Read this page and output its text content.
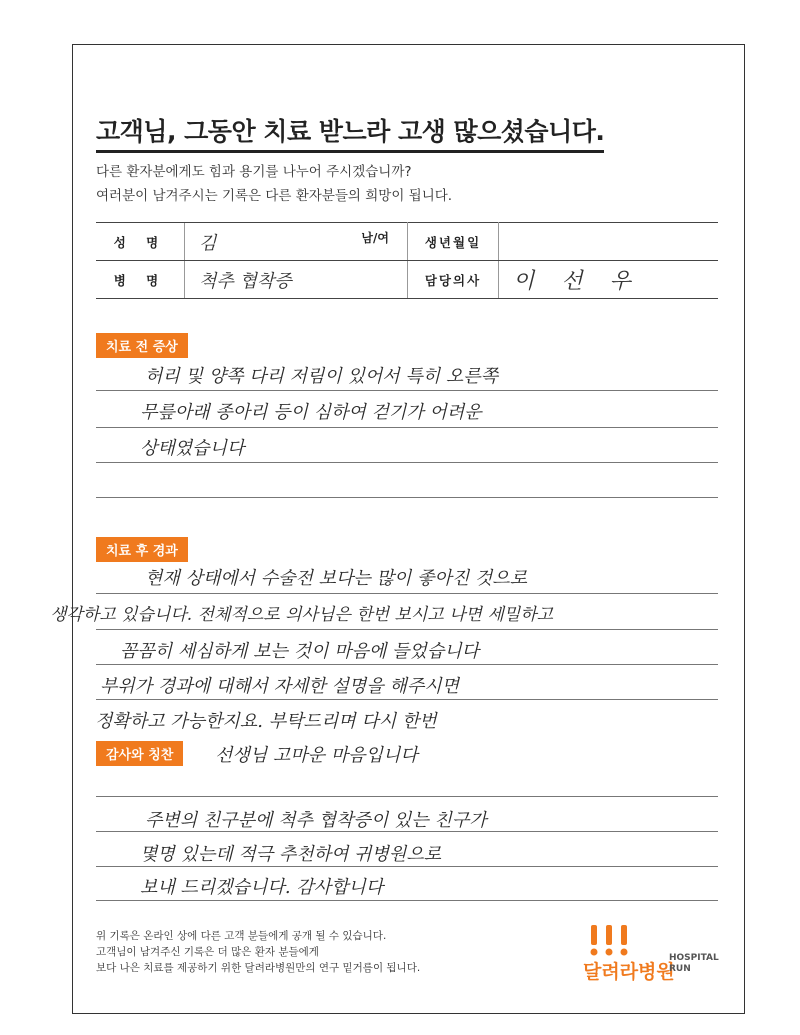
고객님, 그동안 치료 받느라 고생 많으셨습니다.
다른 환자분에게도 힘과 용기를 나누어 주시겠습니까?
여러분이 남겨주시는 기록은 다른 환자분들의 희망이 됩니다.
성 명	김 남/여	생년월일	
병 명	척추 협착증	담당의사	이 선 우
치료 전 증상
허리 및 양쪽 다리 저림이 있어서 특히 오른쪽
무릎아래 종아리 등이 심하여 걷기가 어려운
상태였습니다
치료 후 경과
현재 상태에서 수술전 보다는 많이 좋아진 것으로
생각하고 있습니다. 전체적으로 의사님은 한번 보시고 나면 세밀하고
꼼꼼히 세심하게 보는 것이 마음에 들었습니다
부위가 경과에 대해서 자세한 설명을 해주시면
정확하고 가능한지요. 부탁드리며 다시 한번
감사와 칭찬	선생님 고마운 마음입니다
주변의 친구분에 척추 협착증이 있는 친구가
몇명 있는데 적극 추천하여 귀병원으로
보내 드리겠습니다. 감사합니다
위 기록은 온라인 상에 다른 고객 분들에게 공개 될 수 있습니다.
고객님이 남겨주신 기록은 더 많은 환자 분들에게
보다 나은 치료를 제공하기 위한 달려라병원만의 연구 밑거름이 됩니다.	달려라병원
HOSPITAL
RUN
